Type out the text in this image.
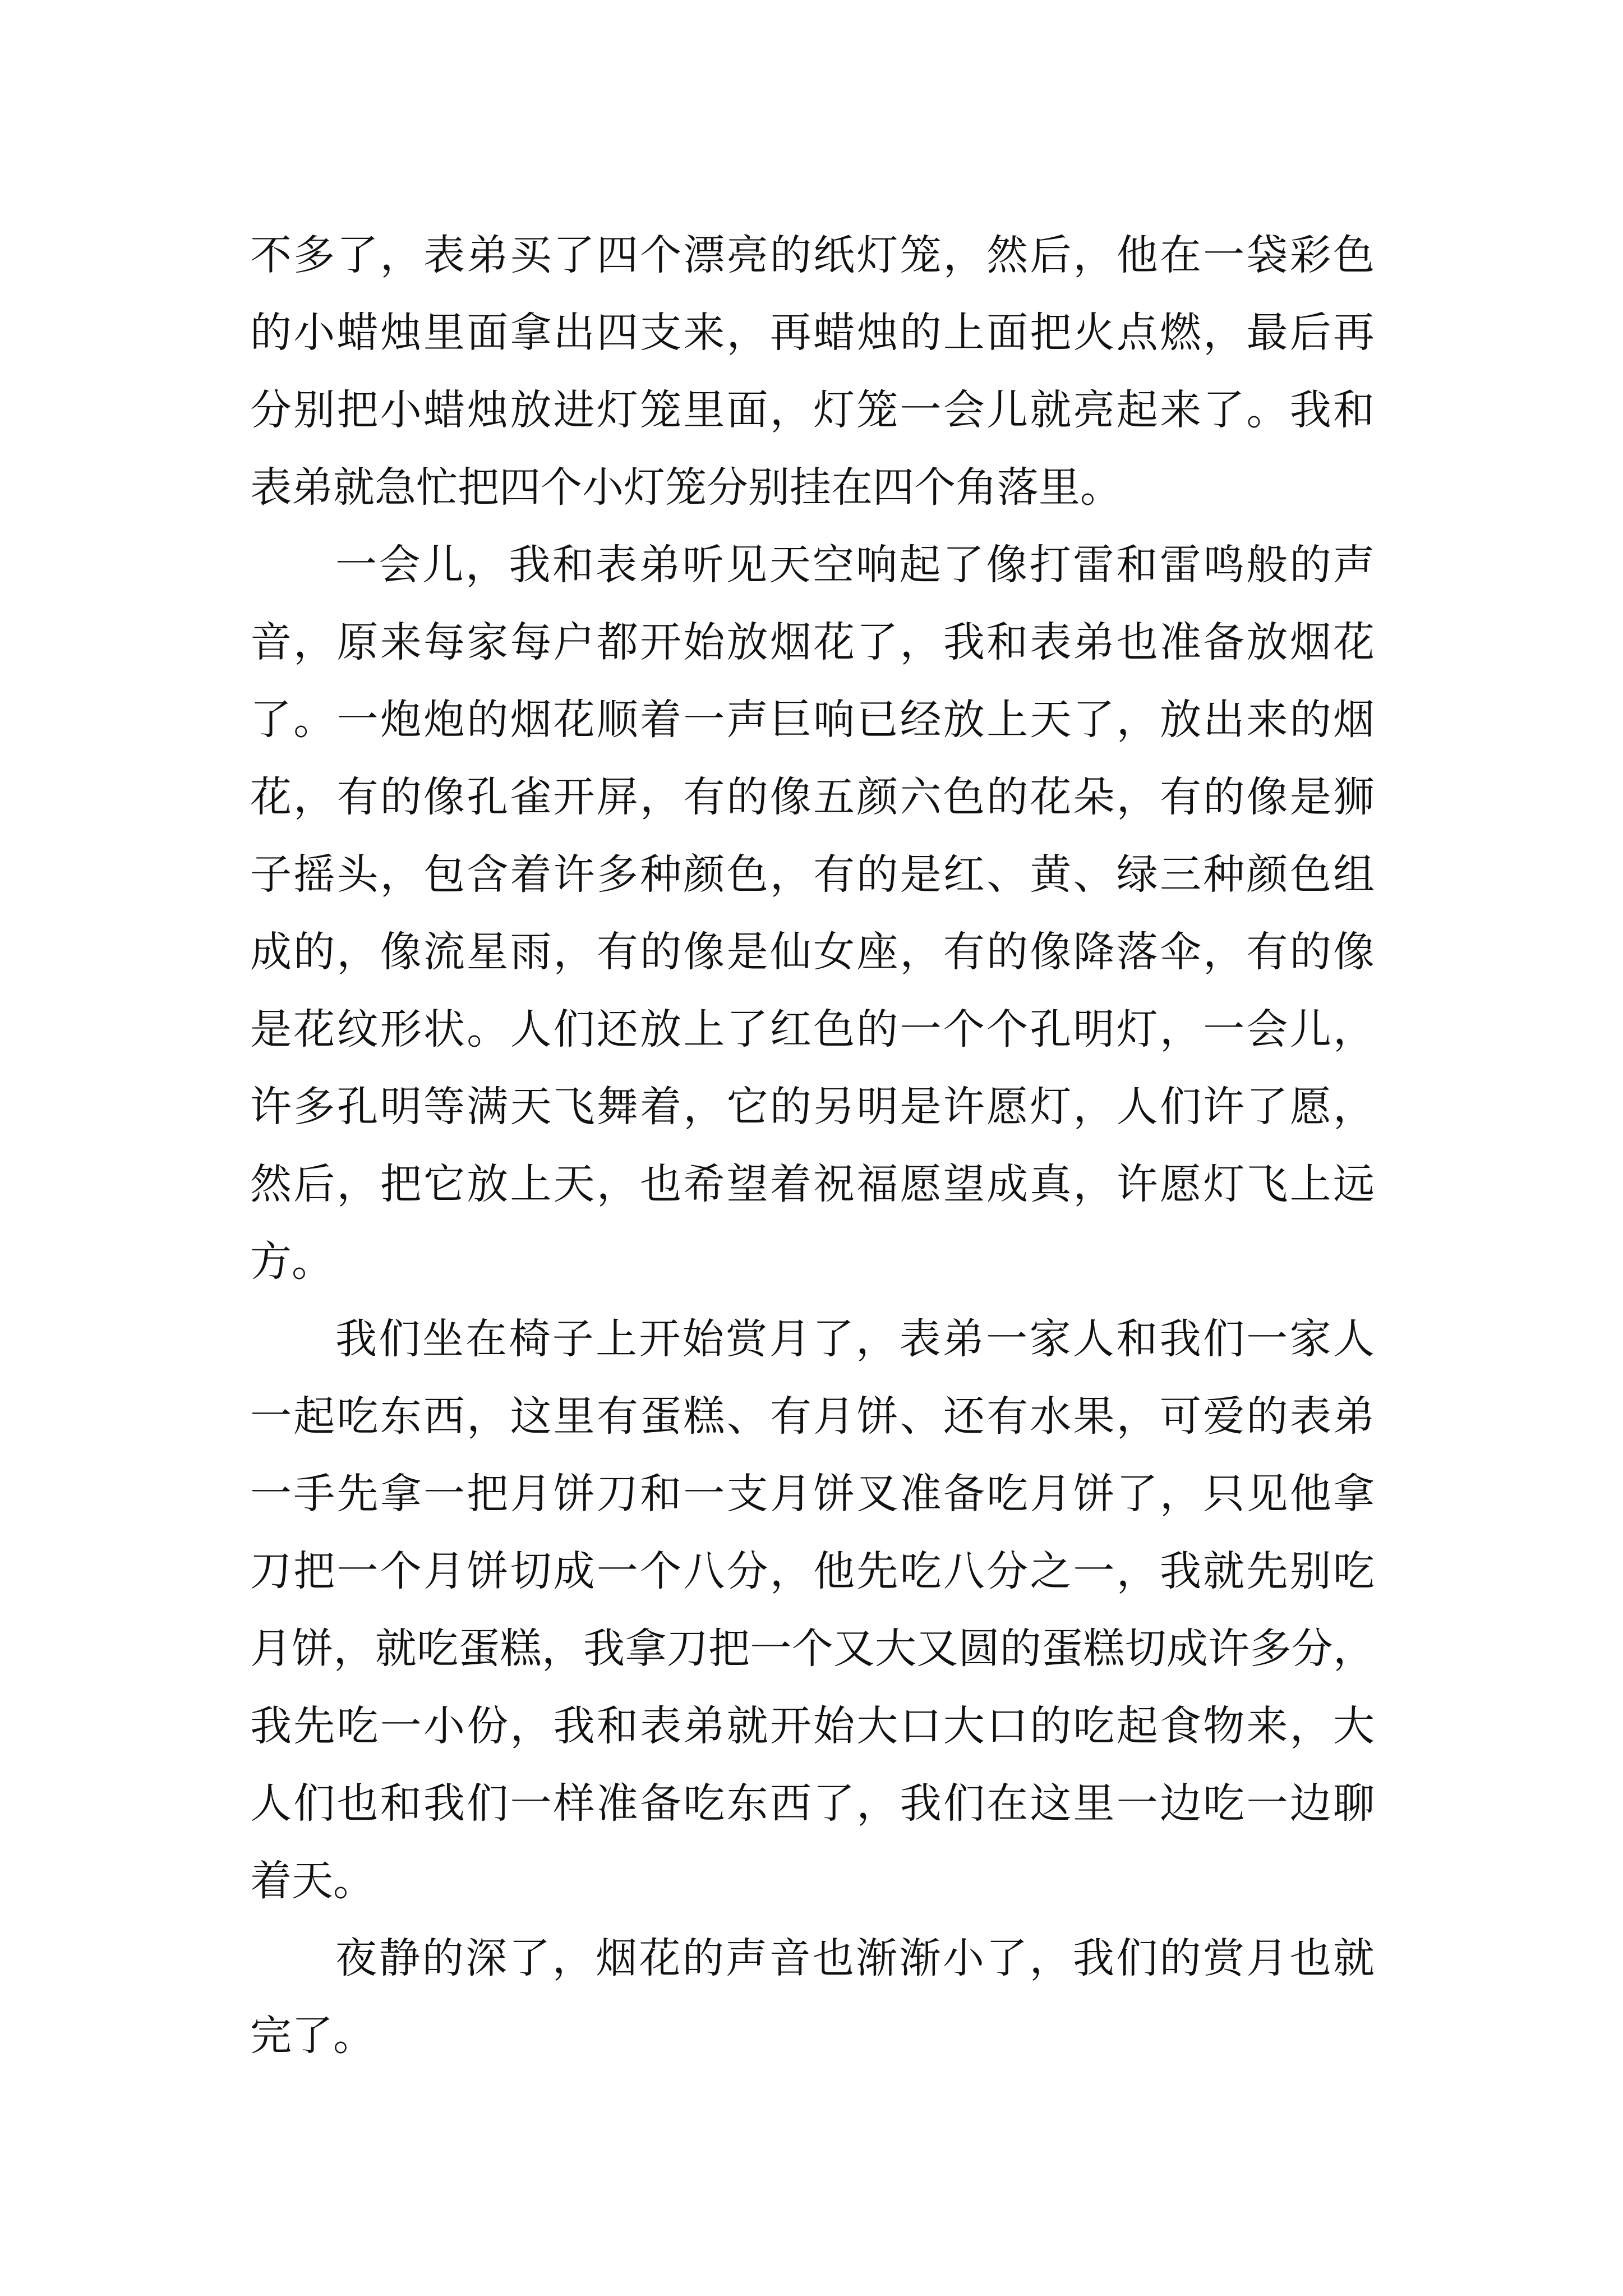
不多了，表弟买了四个漂亮的纸灯笼，然后，他在一袋彩色
的小蜡烛里面拿出四支来，再蜡烛的上面把火点燃，最后再
分别把小蜡烛放进灯笼里面，灯笼一会儿就亮起来了。我和
表弟就急忙把四个小灯笼分别挂在四个角落里。
一会儿，我和表弟听见天空响起了像打雷和雷鸣般的声
音，原来每家每户都开始放烟花了，我和表弟也准备放烟花
了。一炮炮的烟花顺着一声巨响已经放上天了，放出来的烟
花，有的像孔雀开屏，有的像五颜六色的花朵，有的像是狮
子摇头，包含着许多种颜色，有的是红、黄、绿三种颜色组
成的，像流星雨，有的像是仙女座，有的像降落伞，有的像
是花纹形状。人们还放上了红色的一个个孔明灯，一会儿，
许多孔明等满天飞舞着，它的另明是许愿灯，人们许了愿，
然后，把它放上天，也希望着祝福愿望成真，许愿灯飞上远
方。
我们坐在椅子上开始赏月了，表弟一家人和我们一家人
一起吃东西，这里有蛋糕、有月饼、还有水果，可爱的表弟
一手先拿一把月饼刀和一支月饼叉准备吃月饼了，只见他拿
刀把一个月饼切成一个八分，他先吃八分之一，我就先别吃
月饼，就吃蛋糕，我拿刀把一个又大又圆的蛋糕切成许多分，
我先吃一小份，我和表弟就开始大口大口的吃起食物来，大
人们也和我们一样准备吃东西了，我们在这里一边吃一边聊
着天。
夜静的深了，烟花的声音也渐渐小了，我们的赏月也就
完了。
